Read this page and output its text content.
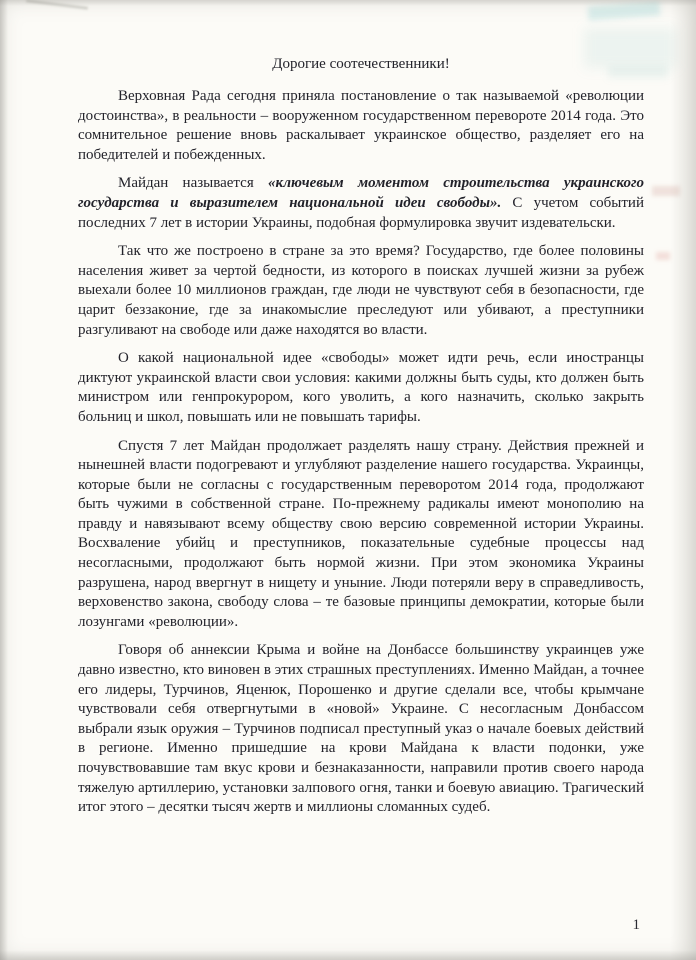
Дорогие соотечественники!

Верховная Рада сегодня приняла постановление о так называемой «революции достоинства», в реальности – вооруженном государственном перевороте 2014 года. Это сомнительное решение вновь раскалывает украинское общество, разделяет его на победителей и побежденных.

Майдан называется «ключевым моментом строительства украинского государства и выразителем национальной идеи свободы». С учетом событий последних 7 лет в истории Украины, подобная формулировка звучит издевательски.

Так что же построено в стране за это время? Государство, где более половины населения живет за чертой бедности, из которого в поисках лучшей жизни за рубеж выехали более 10 миллионов граждан, где люди не чувствуют себя в безопасности, где царит беззаконие, где за инакомыслие преследуют или убивают, а преступники разгуливают на свободе или даже находятся во власти.

О какой национальной идее «свободы» может идти речь, если иностранцы диктуют украинской власти свои условия: какими должны быть суды, кто должен быть министром или генпрокурором, кого уволить, а кого назначить, сколько закрыть больниц и школ, повышать или не повышать тарифы.

Спустя 7 лет Майдан продолжает разделять нашу страну. Действия прежней и нынешней власти подогревают и углубляют разделение нашего государства. Украинцы, которые были не согласны с государственным переворотом 2014 года, продолжают быть чужими в собственной стране. По-прежнему радикалы имеют монополию на правду и навязывают всему обществу свою версию современной истории Украины. Восхваление убийц и преступников, показательные судебные процессы над несогласными, продолжают быть нормой жизни. При этом экономика Украины разрушена, народ ввергнут в нищету и уныние. Люди потеряли веру в справедливость, верховенство закона, свободу слова – те базовые принципы демократии, которые были лозунгами «революции».

Говоря об аннексии Крыма и войне на Донбассе большинству украинцев уже давно известно, кто виновен в этих страшных преступлениях. Именно Майдан, а точнее его лидеры, Турчинов, Яценюк, Порошенко и другие сделали все, чтобы крымчане чувствовали себя отвергнутыми в «новой» Украине. С несогласным Донбассом выбрали язык оружия – Турчинов подписал преступный указ о начале боевых действий в регионе. Именно пришедшие на крови Майдана к власти подонки, уже почувствовавшие там вкус крови и безнаказанности, направили против своего народа тяжелую артиллерию, установки залпового огня, танки и боевую авиацию. Трагический итог этого – десятки тысяч жертв и миллионы сломанных судеб.

1
